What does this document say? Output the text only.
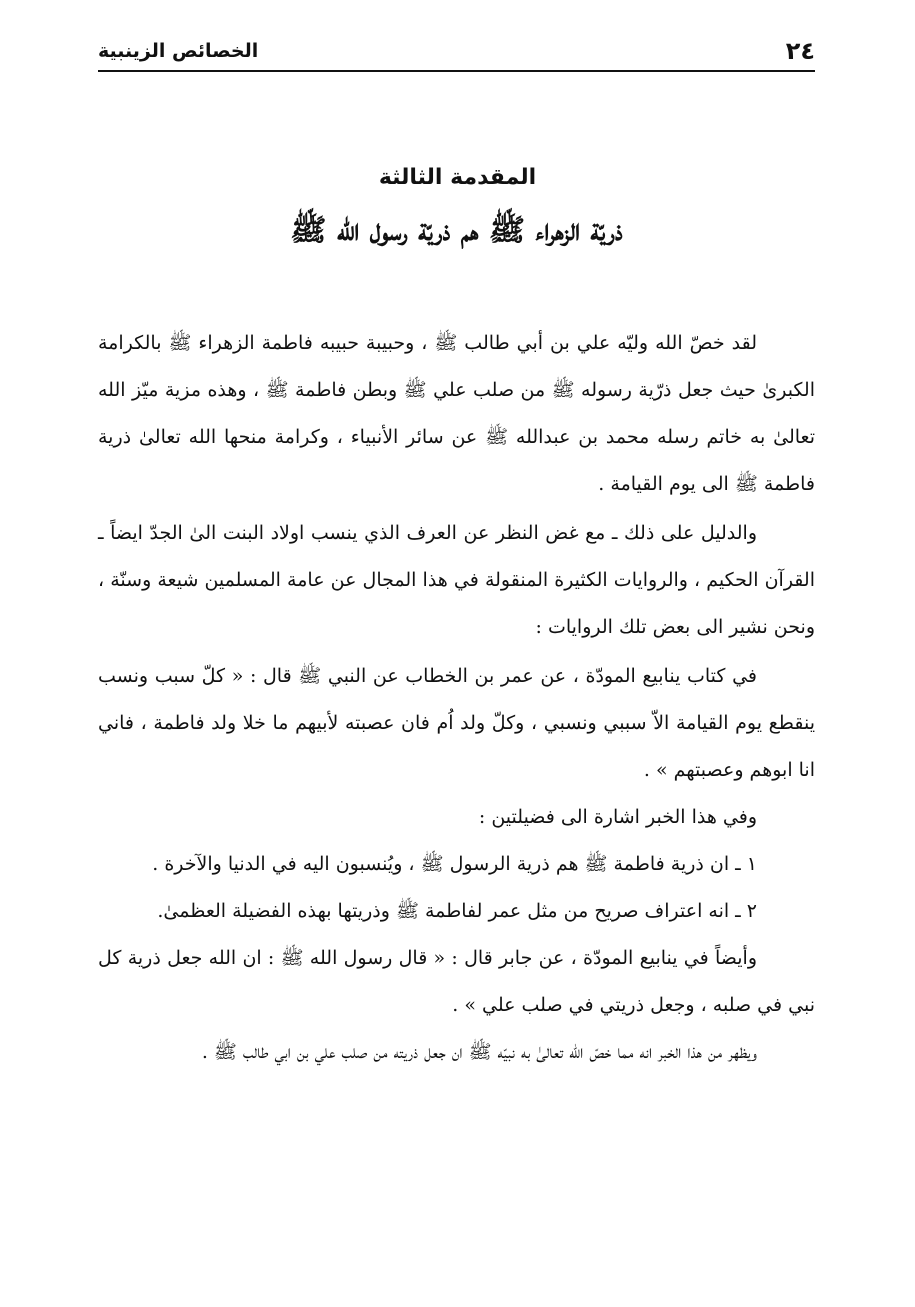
٢٤
الخصائص الزينبية
المقدمة الثالثة
ذريّة الزهراء ﷺ هم ذريّة رسول الله ﷺ

لقد خصّ الله وليّه علي بن أبي طالب ﷺ ، وحبيبة حبيبه فاطمة الزهراء ﷺ بالكرامة الكبرىٰ حيث جعل ذرّية رسوله ﷺ من صلب علي ﷺ وبطن فاطمة ﷺ ، وهذه مزية ميّز الله تعالىٰ به خاتم رسله محمد بن عبدالله ﷺ عن سائر الأنبياء ، وكرامة منحها الله تعالىٰ ذرية فاطمة ﷺ الى يوم القيامة .

والدليل على ذلك ـ مع غض النظر عن العرف الذي ينسب اولاد البنت الىٰ الجدّ ايضاً ـ القرآن الحكيم ، والروايات الكثيرة المنقولة في هذا المجال عن عامة المسلمين شيعة وسنّة ، ونحن نشير الى بعض تلك الروايات :

في كتاب ينابيع المودّة ، عن عمر بن الخطاب عن النبي ﷺ قال : « كلّ سبب ونسب ينقطع يوم القيامة الاّ سببي ونسبي ، وكلّ ولد اُم فان عصبته لأبيهم ما خلا ولد فاطمة ، فاني انا ابوهم وعصبتهم » .

وفي هذا الخبر اشارة الى فضيلتين :

١ ـ ان ذرية فاطمة ﷺ هم ذرية الرسول ﷺ ، ويُنسبون اليه في الدنيا والآخرة .

٢ ـ انه اعتراف صريح من مثل عمر لفاطمة ﷺ وذريتها بهذه الفضيلة العظمىٰ.

وأيضاً في ينابيع المودّة ، عن جابر قال : « قال رسول الله ﷺ : ان الله جعل ذرية كل نبي في صلبه ، وجعل ذريتي في صلب علي » .

ويظهر من هذا الخبر انه مما خصّ الله تعالىٰ به نبيّه ﷺ ان جعل ذريته من صلب علي بن ابي طالب ﷺ .
